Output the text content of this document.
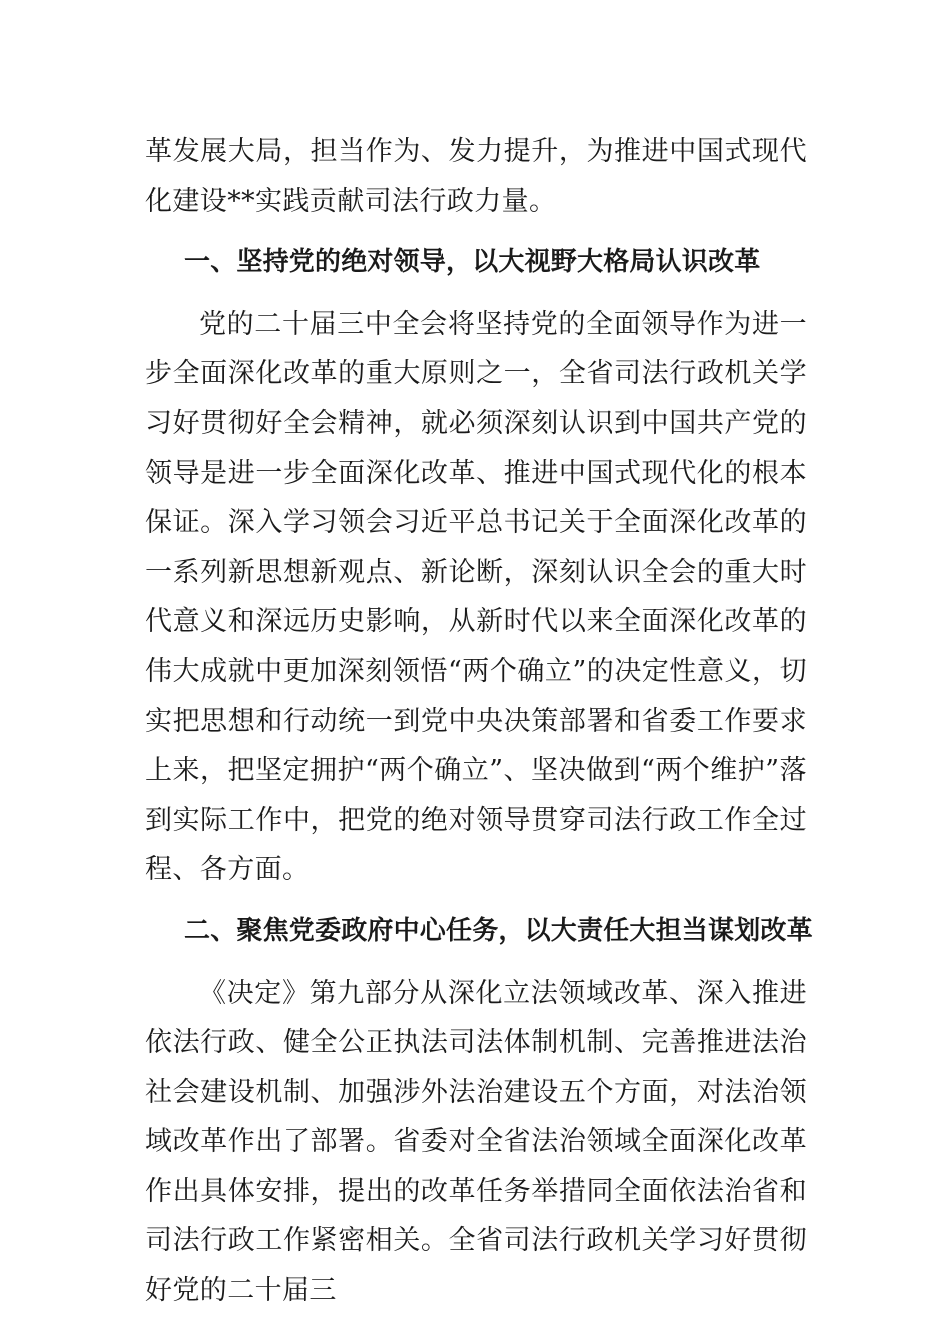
革发展大局，担当作为、发力提升，为推进中国式现代化建设**实践贡献司法行政力量。

一、坚持党的绝对领导，以大视野大格局认识改革

党的二十届三中全会将坚持党的全面领导作为进一步全面深化改革的重大原则之一，全省司法行政机关学习好贯彻好全会精神，就必须深刻认识到中国共产党的领导是进一步全面深化改革、推进中国式现代化的根本保证。深入学习领会习近平总书记关于全面深化改革的一系列新思想新观点、新论断，深刻认识全会的重大时代意义和深远历史影响，从新时代以来全面深化改革的伟大成就中更加深刻领悟“两个确立”的决定性意义，切实把思想和行动统一到党中央决策部署和省委工作要求上来，把坚定拥护“两个确立”、坚决做到“两个维护”落到实际工作中，把党的绝对领导贯穿司法行政工作全过程、各方面。

二、聚焦党委政府中心任务，以大责任大担当谋划改革

《决定》第九部分从深化立法领域改革、深入推进依法行政、健全公正执法司法体制机制、完善推进法治社会建设机制、加强涉外法治建设五个方面，对法治领域改革作出了部署。省委对全省法治领域全面深化改革作出具体安排，提出的改革任务举措同全面依法治省和司法行政工作紧密相关。全省司法行政机关学习好贯彻好党的二十届三
